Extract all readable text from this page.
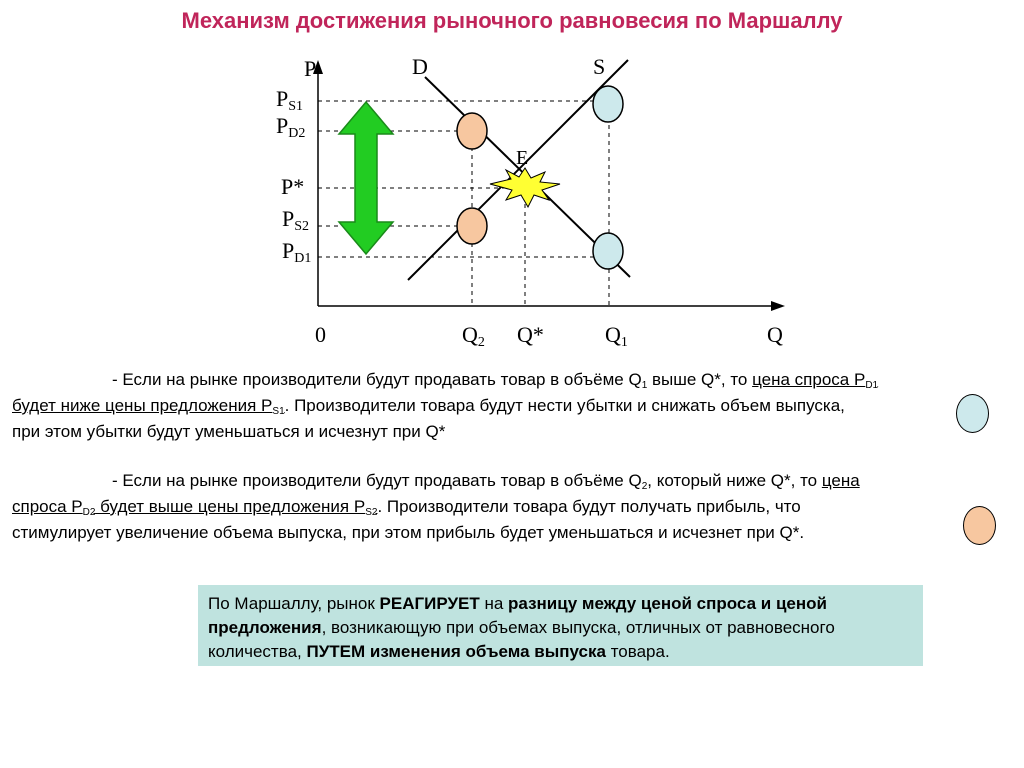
Механизм достижения рыночного равновесия по Маршаллу
P	D	S
E
PS1
PD2
P*
PS2
PD1
0	Q2 Q*	Q1	Q
- Если на рынке производители будут продавать товар в объёме $Q_1$ выше Q*, то цена спроса $P_{D1}$
будет ниже цены предложения $P_{S1}$. Производители товара будут нести убытки и снижать объем выпуска,
при этом убытки будут уменьшаться и исчезнут при Q*
- Если на рынке производители будут продавать товар в объёме $Q_2$, который ниже Q*, то цена
спроса $P_{D2}$ будет выше цены предложения $P_{S2}$. Производители товара будут получать прибыль, что
стимулирует увеличение объема выпуска, при этом прибыль будет уменьшаться и исчезнет при Q*.
По Маршаллу, рынок РЕАГИРУЕТ на разницу между ценой спроса и ценой предложения, возникающую при объемах выпуска, отличных от равновесного количества, ПУТЕМ изменения объема выпуска товара.
